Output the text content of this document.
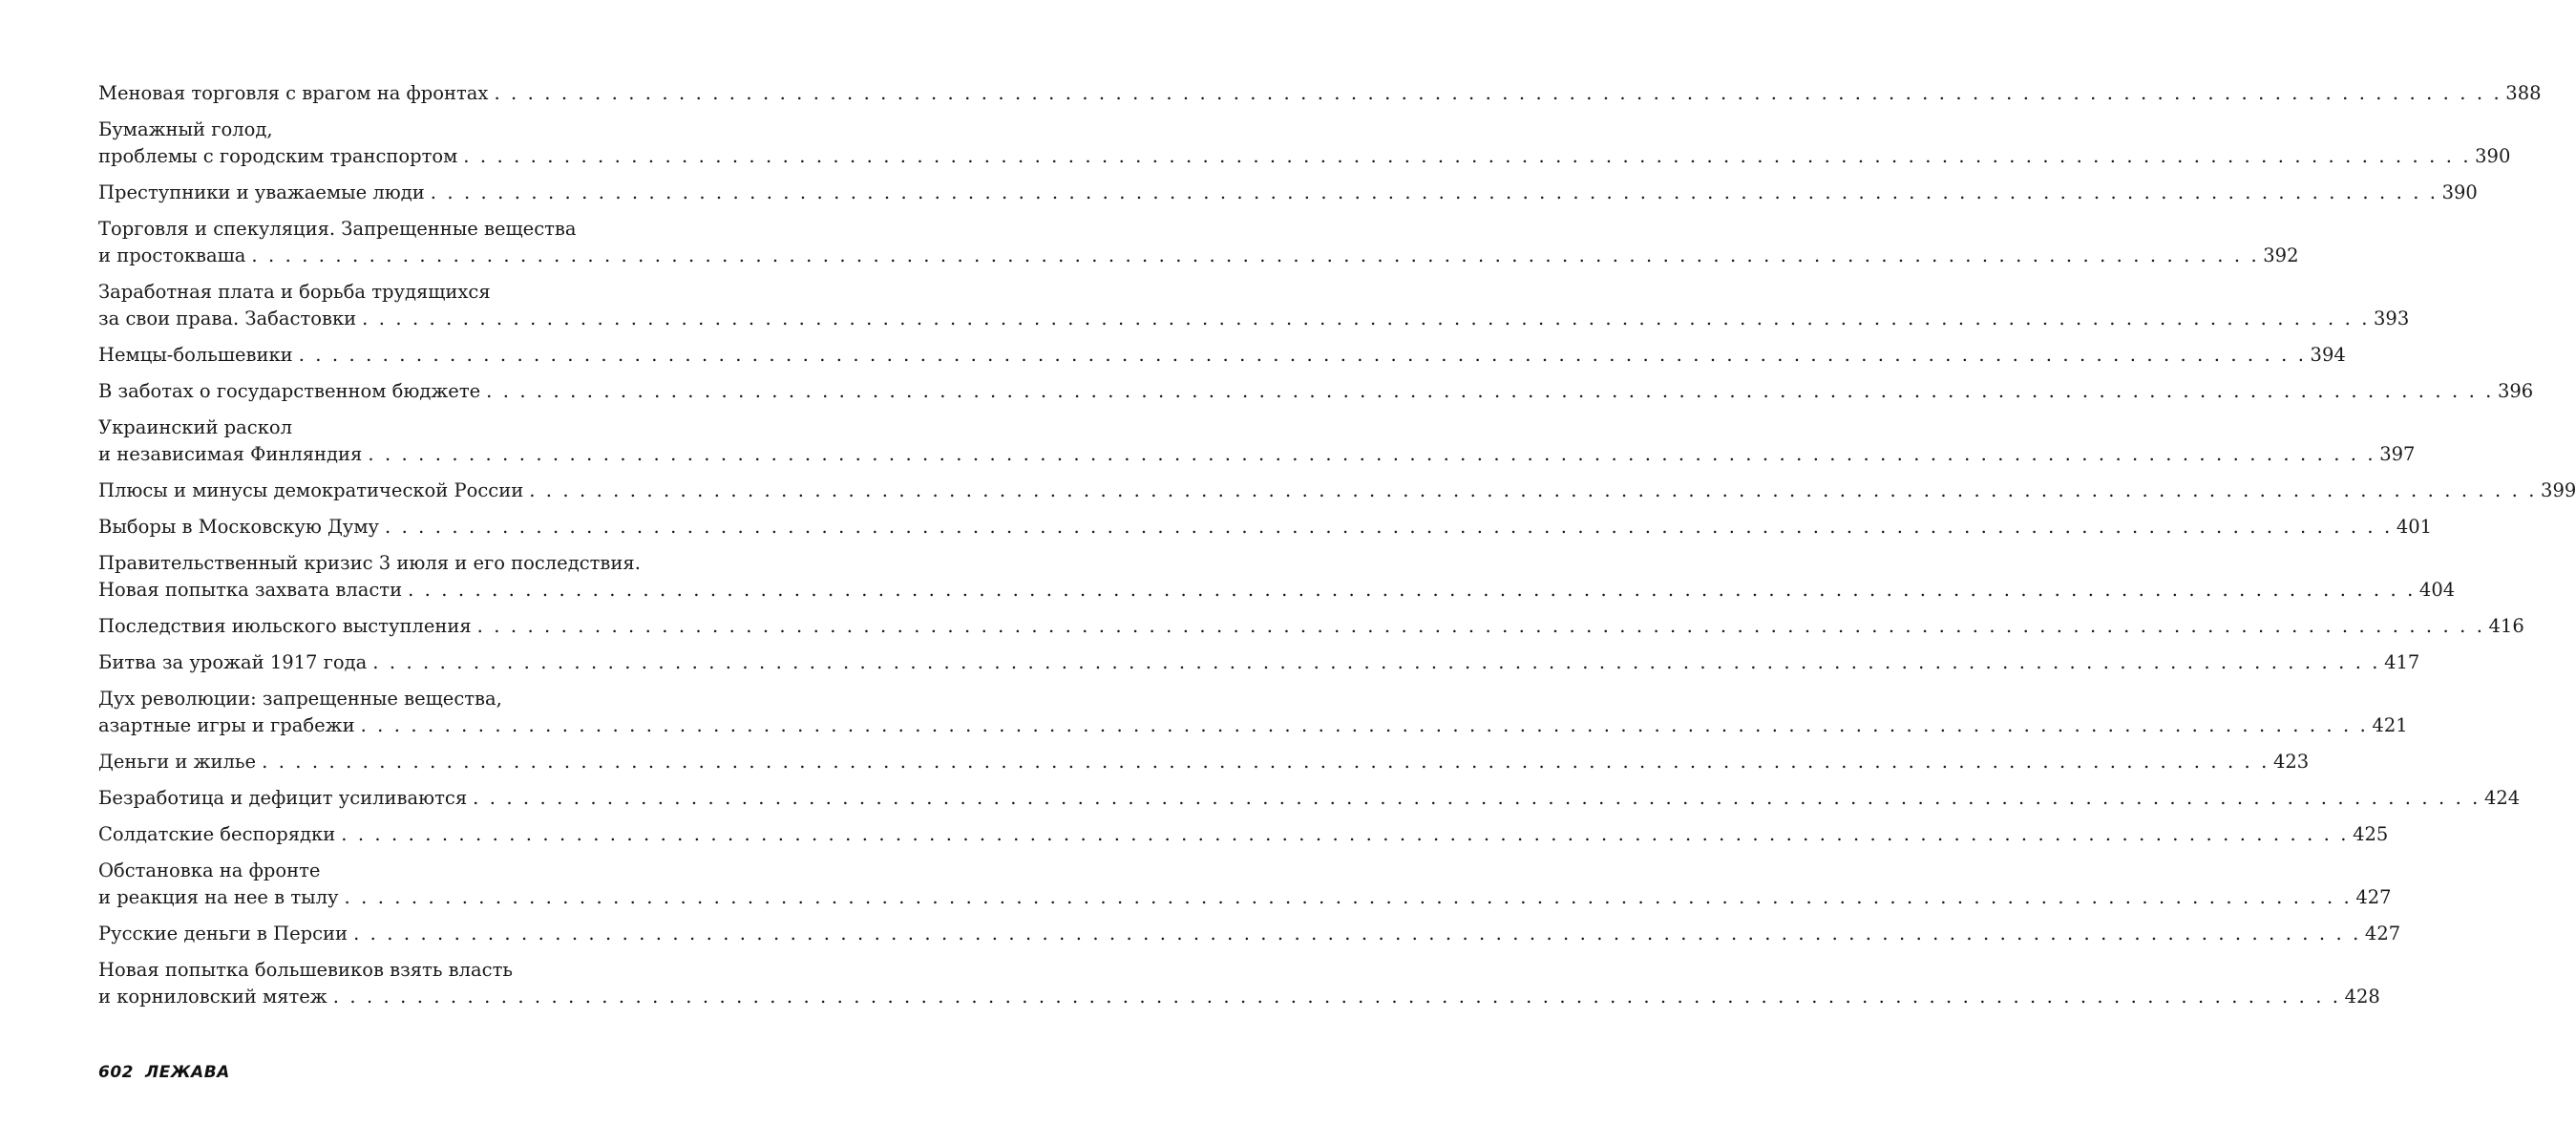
Меновая торговля с врагом на фронтах . . . . . . . . . . . . . . . . . . . . . . . . . . . . . . . . . . . . . . . . . . . . . . . . . . . . . . . . . . . . . . . . . . . . . . . . . . . . . . . . . . . . . . . . . . . . . . . . . . . . . . . . . . . . . . . . . . . . . . . . 388
Бумажный голод,
проблемы с городским транспортом . . . . . . . . . . . . . . . . . . . . . . . . . . . . . . . . . . . . . . . . . . . . . . . . . . . . . . . . . . . . . . . . . . . . . . . . . . . . . . . . . . . . . . . . . . . . . . . . . . . . . . . . . . . . . . . . . . . . . . . . 390
Преступники и уважаемые люди . . . . . . . . . . . . . . . . . . . . . . . . . . . . . . . . . . . . . . . . . . . . . . . . . . . . . . . . . . . . . . . . . . . . . . . . . . . . . . . . . . . . . . . . . . . . . . . . . . . . . . . . . . . . . . . . . . . . . . . . 390
Торговля и спекуляция. Запрещенные вещества
и простокваша . . . . . . . . . . . . . . . . . . . . . . . . . . . . . . . . . . . . . . . . . . . . . . . . . . . . . . . . . . . . . . . . . . . . . . . . . . . . . . . . . . . . . . . . . . . . . . . . . . . . . . . . . . . . . . . . . . . . . . . . 392
Заработная плата и борьба трудящихся
за свои права. Забастовки . . . . . . . . . . . . . . . . . . . . . . . . . . . . . . . . . . . . . . . . . . . . . . . . . . . . . . . . . . . . . . . . . . . . . . . . . . . . . . . . . . . . . . . . . . . . . . . . . . . . . . . . . . . . . . . . . . . . . . . . 393
Немцы-большевики . . . . . . . . . . . . . . . . . . . . . . . . . . . . . . . . . . . . . . . . . . . . . . . . . . . . . . . . . . . . . . . . . . . . . . . . . . . . . . . . . . . . . . . . . . . . . . . . . . . . . . . . . . . . . . . . . . . . . . . . 394
В заботах о государственном бюджете . . . . . . . . . . . . . . . . . . . . . . . . . . . . . . . . . . . . . . . . . . . . . . . . . . . . . . . . . . . . . . . . . . . . . . . . . . . . . . . . . . . . . . . . . . . . . . . . . . . . . . . . . . . . . . . . . . . . . . . . 396
Украинский раскол
и независимая Финляндия . . . . . . . . . . . . . . . . . . . . . . . . . . . . . . . . . . . . . . . . . . . . . . . . . . . . . . . . . . . . . . . . . . . . . . . . . . . . . . . . . . . . . . . . . . . . . . . . . . . . . . . . . . . . . . . . . . . . . . . . 397
Плюсы и минусы демократической России . . . . . . . . . . . . . . . . . . . . . . . . . . . . . . . . . . . . . . . . . . . . . . . . . . . . . . . . . . . . . . . . . . . . . . . . . . . . . . . . . . . . . . . . . . . . . . . . . . . . . . . . . . . . . . . . . . . . . . . . 399
Выборы в Московскую Думу . . . . . . . . . . . . . . . . . . . . . . . . . . . . . . . . . . . . . . . . . . . . . . . . . . . . . . . . . . . . . . . . . . . . . . . . . . . . . . . . . . . . . . . . . . . . . . . . . . . . . . . . . . . . . . . . . . . . . . . . 401
Правительственный кризис 3 июля и его последствия.
Новая попытка захвата власти . . . . . . . . . . . . . . . . . . . . . . . . . . . . . . . . . . . . . . . . . . . . . . . . . . . . . . . . . . . . . . . . . . . . . . . . . . . . . . . . . . . . . . . . . . . . . . . . . . . . . . . . . . . . . . . . . . . . . . . . 404
Последствия июльского выступления . . . . . . . . . . . . . . . . . . . . . . . . . . . . . . . . . . . . . . . . . . . . . . . . . . . . . . . . . . . . . . . . . . . . . . . . . . . . . . . . . . . . . . . . . . . . . . . . . . . . . . . . . . . . . . . . . . . . . . . . 416
Битва за урожай 1917 года . . . . . . . . . . . . . . . . . . . . . . . . . . . . . . . . . . . . . . . . . . . . . . . . . . . . . . . . . . . . . . . . . . . . . . . . . . . . . . . . . . . . . . . . . . . . . . . . . . . . . . . . . . . . . . . . . . . . . . . . 417
Дух революции: запрещенные вещества,
азартные игры и грабежи . . . . . . . . . . . . . . . . . . . . . . . . . . . . . . . . . . . . . . . . . . . . . . . . . . . . . . . . . . . . . . . . . . . . . . . . . . . . . . . . . . . . . . . . . . . . . . . . . . . . . . . . . . . . . . . . . . . . . . . . 421
Деньги и жилье . . . . . . . . . . . . . . . . . . . . . . . . . . . . . . . . . . . . . . . . . . . . . . . . . . . . . . . . . . . . . . . . . . . . . . . . . . . . . . . . . . . . . . . . . . . . . . . . . . . . . . . . . . . . . . . . . . . . . . . . 423
Безработица и дефицит усиливаются . . . . . . . . . . . . . . . . . . . . . . . . . . . . . . . . . . . . . . . . . . . . . . . . . . . . . . . . . . . . . . . . . . . . . . . . . . . . . . . . . . . . . . . . . . . . . . . . . . . . . . . . . . . . . . . . . . . . . . . . 424
Солдатские беспорядки . . . . . . . . . . . . . . . . . . . . . . . . . . . . . . . . . . . . . . . . . . . . . . . . . . . . . . . . . . . . . . . . . . . . . . . . . . . . . . . . . . . . . . . . . . . . . . . . . . . . . . . . . . . . . . . . . . . . . . . . 425
Обстановка на фронте
и реакция на нее в тылу . . . . . . . . . . . . . . . . . . . . . . . . . . . . . . . . . . . . . . . . . . . . . . . . . . . . . . . . . . . . . . . . . . . . . . . . . . . . . . . . . . . . . . . . . . . . . . . . . . . . . . . . . . . . . . . . . . . . . . . . 427
Русские деньги в Персии . . . . . . . . . . . . . . . . . . . . . . . . . . . . . . . . . . . . . . . . . . . . . . . . . . . . . . . . . . . . . . . . . . . . . . . . . . . . . . . . . . . . . . . . . . . . . . . . . . . . . . . . . . . . . . . . . . . . . . . . 427
Новая попытка большевиков взять власть
и корниловский мятеж . . . . . . . . . . . . . . . . . . . . . . . . . . . . . . . . . . . . . . . . . . . . . . . . . . . . . . . . . . . . . . . . . . . . . . . . . . . . . . . . . . . . . . . . . . . . . . . . . . . . . . . . . . . . . . . . . . . . . . . . 428
602 ЛЕЖАВА
